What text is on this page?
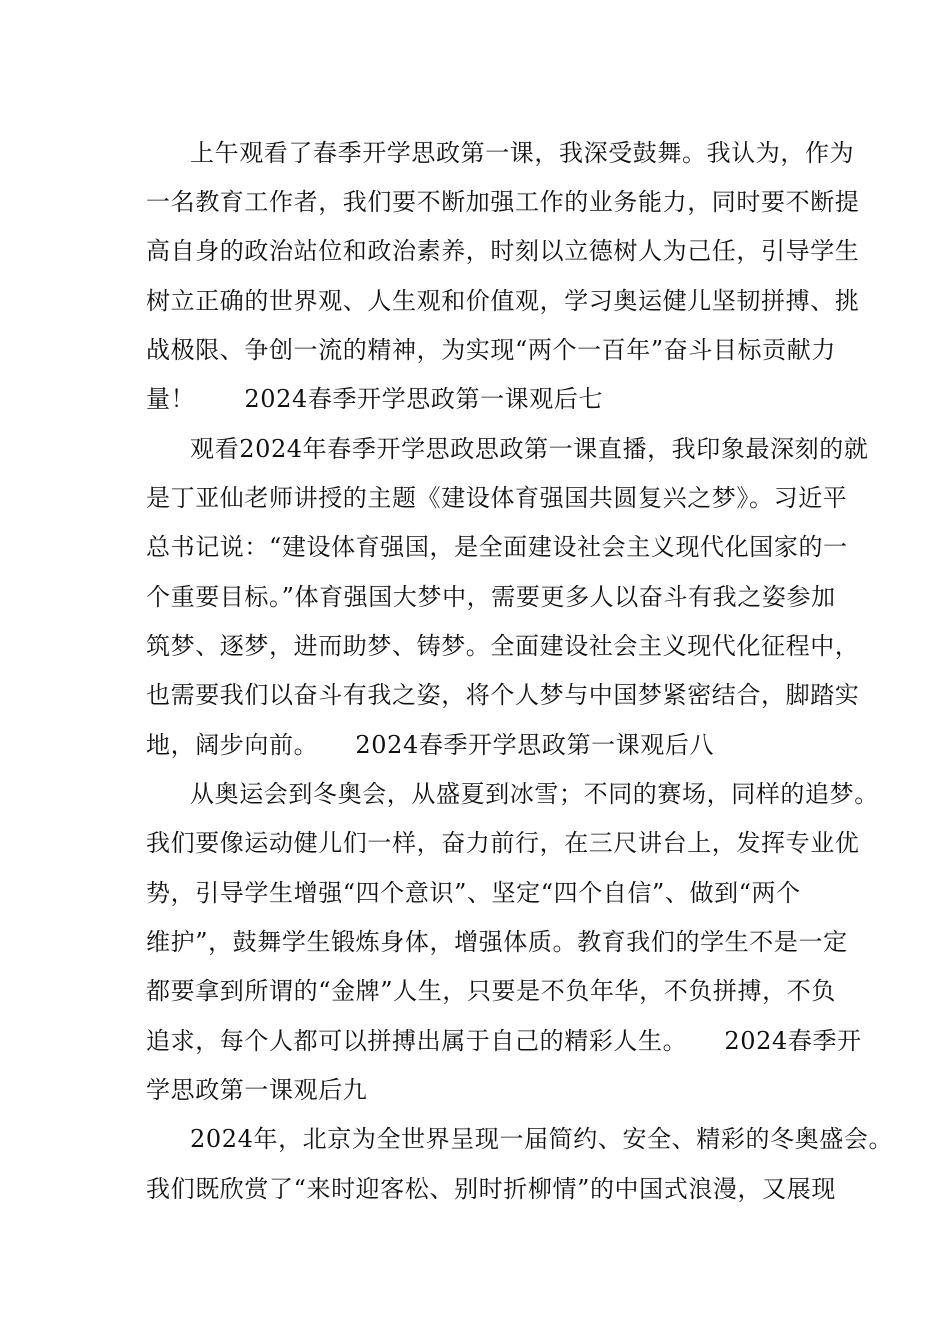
上午观看了春季开学思政第一课，我深受鼓舞。我认为，作为
一名教育工作者，我们要不断加强工作的业务能力，同时要不断提
高自身的政治站位和政治素养，时刻以立德树人为己任，引导学生
树立正确的世界观、人生观和价值观，学习奥运健儿坚韧拼搏、挑
战极限、争创一流的精神，为实现“两个一百年”奋斗目标贡献力
量！　　2024春季开学思政第一课观后七
观看2024年春季开学思政思政第一课直播，我印象最深刻的就
是丁亚仙老师讲授的主题《建设体育强国共圆复兴之梦》。习近平
总书记说：“建设体育强国，是全面建设社会主义现代化国家的一
个重要目标。”体育强国大梦中，需要更多人以奋斗有我之姿参加
筑梦、逐梦，进而助梦、铸梦。全面建设社会主义现代化征程中，
也需要我们以奋斗有我之姿，将个人梦与中国梦紧密结合，脚踏实
地，阔步向前。　　2024春季开学思政第一课观后八
从奥运会到冬奥会，从盛夏到冰雪；不同的赛场，同样的追梦。
我们要像运动健儿们一样，奋力前行，在三尺讲台上，发挥专业优
势，引导学生增强“四个意识”、坚定“四个自信”、做到“两个
维护”，鼓舞学生锻炼身体，增强体质。教育我们的学生不是一定
都要拿到所谓的“金牌”人生，只要是不负年华，不负拼搏，不负
追求，每个人都可以拼搏出属于自己的精彩人生。　　2024春季开
学思政第一课观后九
2024年，北京为全世界呈现一届简约、安全、精彩的冬奥盛会。
我们既欣赏了“来时迎客松、别时折柳情”的中国式浪漫，又展现
